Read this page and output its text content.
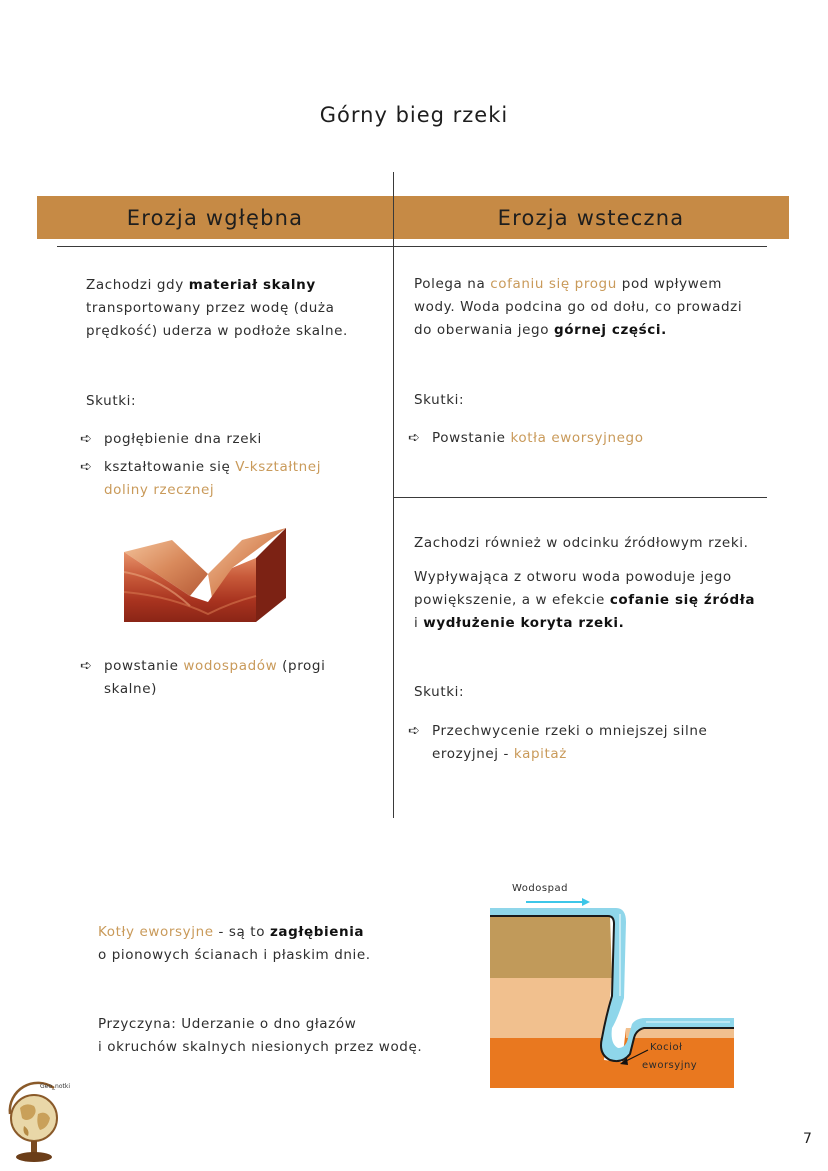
Górny bieg rzeki
Erozja wgłębna	Erozja wsteczna
Zachodzi gdy materiał skalny
transportowany przez wodę (duża
prędkość) uderza w podłoże skalne.
Skutki:
➪ pogłębienie dna rzeki
➪ kształtowanie się V-kształtnej
doliny rzecznej
➪ powstanie wodospadów (progi
skalne)
Polega na cofaniu się progu pod wpływem
wody. Woda podcina go od dołu, co prowadzi
do oberwania jego górnej części.
Skutki:
➪ Powstanie kotła eworsyjnego
Zachodzi również w odcinku źródłowym rzeki.
Wypływająca z otworu woda powoduje jego
powiększenie, a w efekcie cofanie się źródła
i wydłużenie koryta rzeki.
Skutki:
➪ Przechwycenie rzeki o mniejszej silne
erozyjnej - kapitaż
Kotły eworsyjne - są to zagłębienia
o pionowych ścianach i płaskim dnie.
Przyczyna: Uderzanie o dno głazów
i okruchów skalnych niesionych przez wodę.
Wodospad
Kocioł
eworsyjny
Geo_notki
7
